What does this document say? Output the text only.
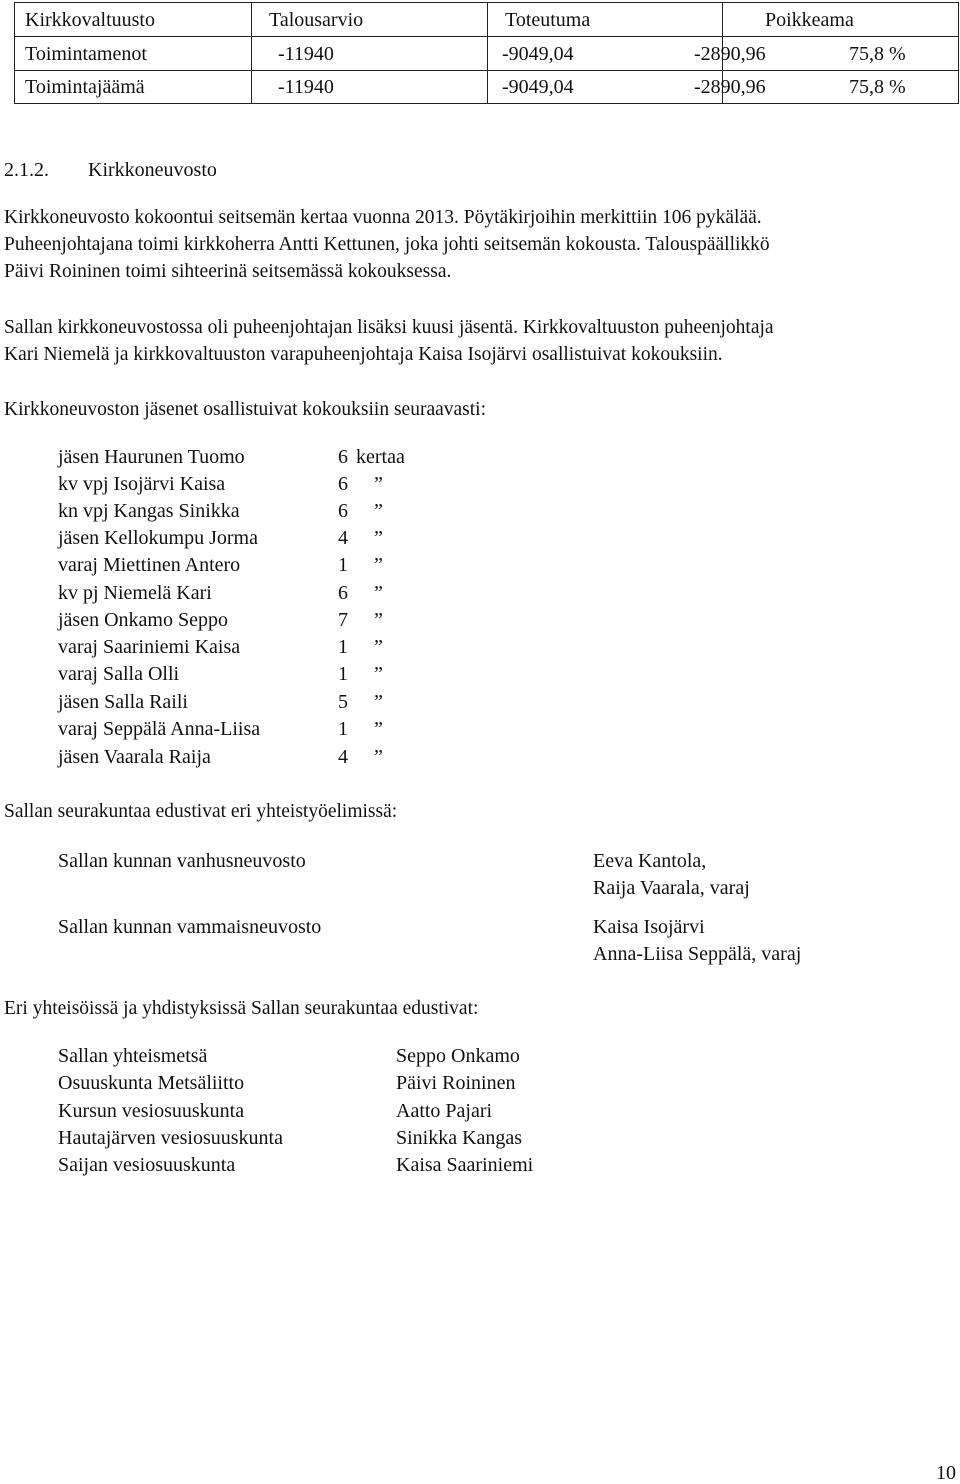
Kirkkovaltuusto	Talousarvio	Toteutuma	Poikkeama
Toimintamenot	-11940	-9049,04	-2890,96	75,8 %
Toimintajäämä	-11940	-9049,04	-2890,96	75,8 %
2.1.2. Kirkkoneuvosto
Kirkkoneuvosto kokoontui seitsemän kertaa vuonna 2013. Pöytäkirjoihin merkittiin 106 pykälää.
Puheenjohtajana toimi kirkkoherra Antti Kettunen, joka johti seitsemän kokousta. Talouspäällikkö
Päivi Roininen toimi sihteerinä seitsemässä kokouksessa.
Sallan kirkkoneuvostossa oli puheenjohtajan lisäksi kuusi jäsentä. Kirkkovaltuuston puheenjohtaja
Kari Niemelä ja kirkkovaltuuston varapuheenjohtaja Kaisa Isojärvi osallistuivat kokouksiin.
Kirkkoneuvoston jäsenet osallistuivat kokouksiin seuraavasti:
jäsen Haurunen Tuomo	6 kertaa
kv vpj Isojärvi Kaisa	6 ”
kn vpj Kangas Sinikka	6 ”
jäsen Kellokumpu Jorma	4 ”
varaj Miettinen Antero	1 ”
kv pj Niemelä Kari	6 ”
jäsen Onkamo Seppo	7 ”
varaj Saariniemi Kaisa	1 ”
varaj Salla Olli	1 ”
jäsen Salla Raili	5 ”
varaj Seppälä Anna-Liisa	1 ”
jäsen Vaarala Raija	4 ”
Sallan seurakuntaa edustivat eri yhteistyöelimissä:
Sallan kunnan vanhusneuvosto	Eeva Kantola,
Raija Vaarala, varaj
Sallan kunnan vammaisneuvosto	Kaisa Isojärvi
Anna-Liisa Seppälä, varaj
Eri yhteisöissä ja yhdistyksissä Sallan seurakuntaa edustivat:
Sallan yhteismetsä	Seppo Onkamo
Osuuskunta Metsäliitto	Päivi Roininen
Kursun vesiosuuskunta	Aatto Pajari
Hautajärven vesiosuuskunta	Sinikka Kangas
Saijan vesiosuuskunta	Kaisa Saariniemi
10
